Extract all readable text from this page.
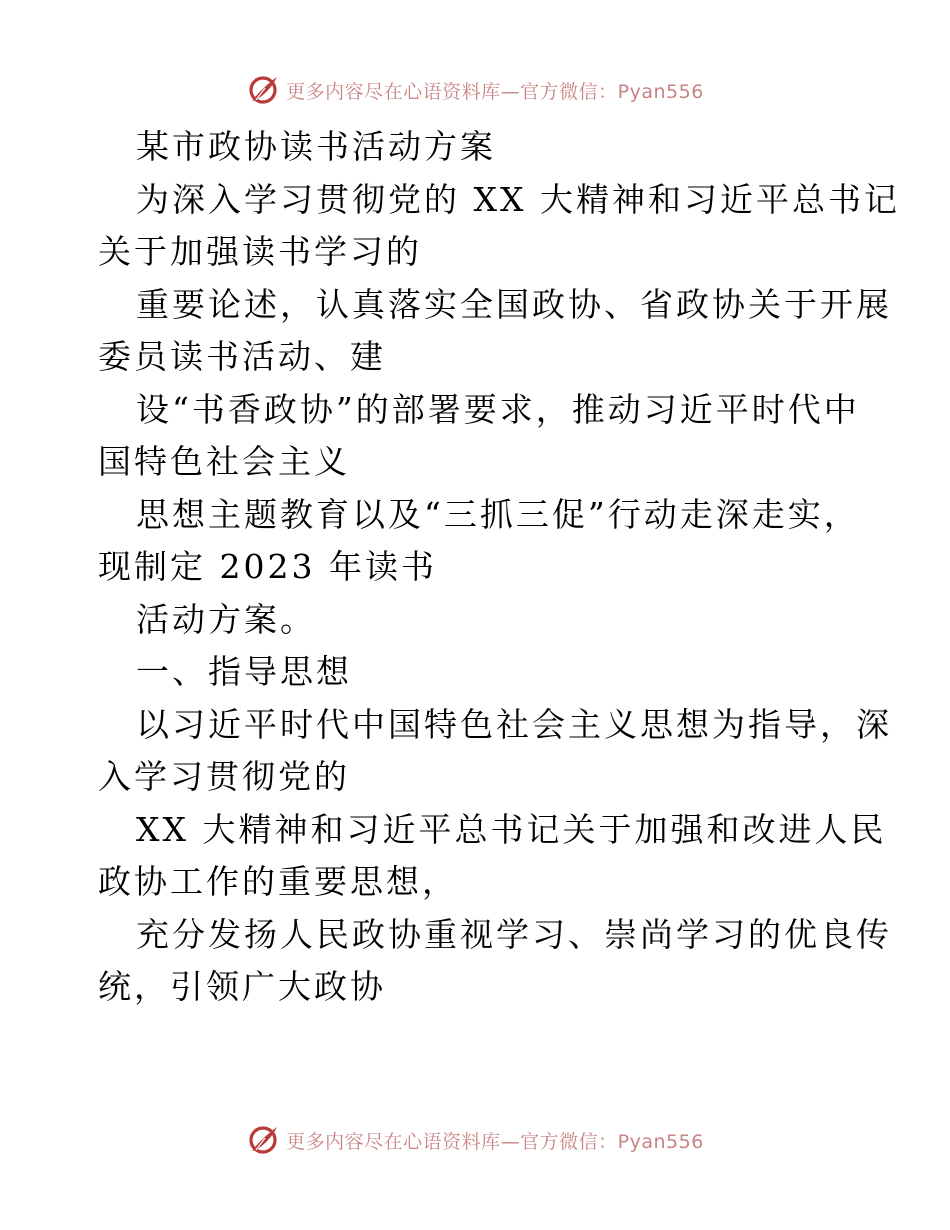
更多内容尽在心语资料库—官方微信：Pyan556
某市政协读书活动方案
为深入学习贯彻党的 XX 大精神和习近平总书记
关于加强读书学习的
重要论述，认真落实全国政协、省政协关于开展
委员读书活动、建
设“书香政协”的部署要求，推动习近平时代中
国特色社会主义
思想主题教育以及“三抓三促”行动走深走实，
现制定 2023 年读书
活动方案。
一、指导思想
以习近平时代中国特色社会主义思想为指导，深
入学习贯彻党的
XX 大精神和习近平总书记关于加强和改进人民
政协工作的重要思想，
充分发扬人民政协重视学习、崇尚学习的优良传
统，引领广大政协
更多内容尽在心语资料库—官方微信：Pyan556
